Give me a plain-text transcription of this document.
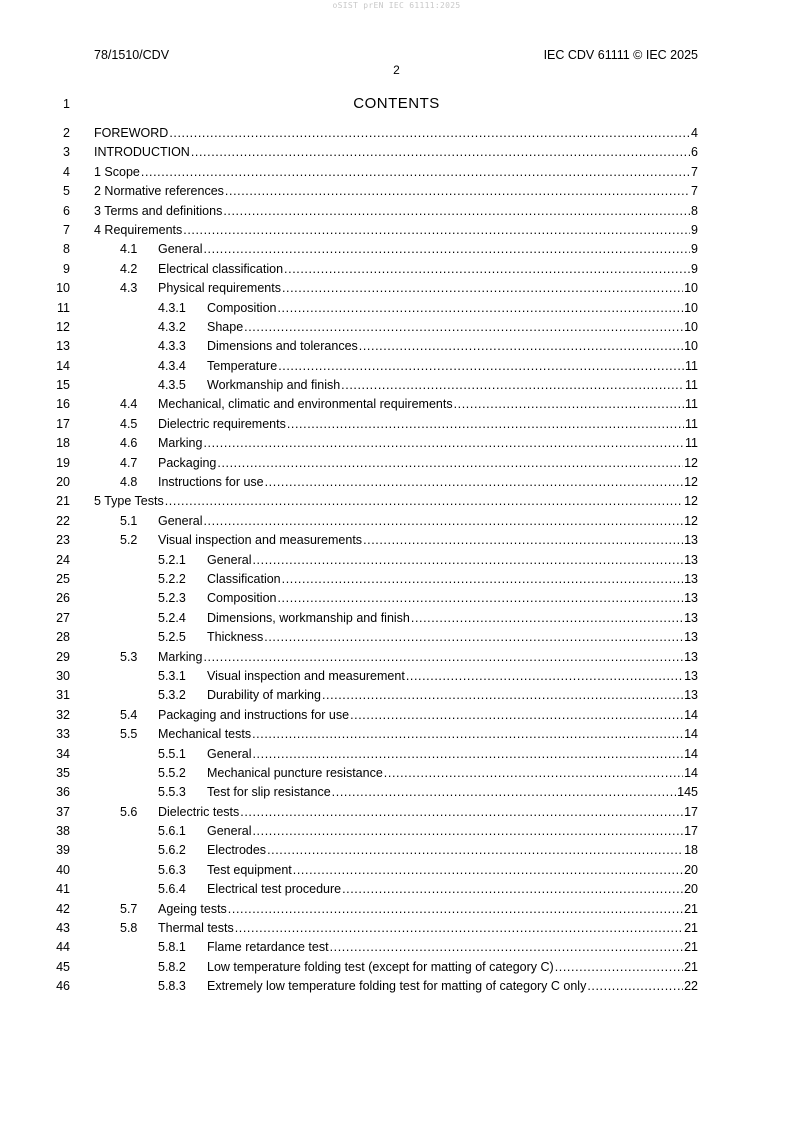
oSIST prEN IEC 61111:2025
78/1510/CDV	IEC CDV 61111 © IEC 2025
2
1	CONTENTS
2 FOREWORD .....	4
3 INTRODUCTION .....	6
4 1 Scope .....	7
5 2 Normative references .....	7
6 3 Terms and definitions .....	8
7 4 Requirements .....	9
8	4.1	General .....	9
9	4.2	Electrical classification .....	9
10	4.3	Physical requirements .....	10
11	4.3.1	Composition .....	10
12	4.3.2	Shape .....	10
13	4.3.3	Dimensions and tolerances .....	10
14	4.3.4	Temperature .....	11
15	4.3.5	Workmanship and finish .....	11
16	4.4	Mechanical, climatic and environmental requirements .....	11
17	4.5	Dielectric requirements .....	11
18	4.6	Marking .....	11
19	4.7	Packaging .....	12
20	4.8	Instructions for use .....	12
21 5 Type Tests .....	12
22	5.1	General .....	12
23	5.2	Visual inspection and measurements .....	13
24	5.2.1	General .....	13
25	5.2.2	Classification .....	13
26	5.2.3	Composition .....	13
27	5.2.4	Dimensions, workmanship and finish .....	13
28	5.2.5	Thickness .....	13
29	5.3	Marking .....	13
30	5.3.1	Visual inspection and measurement .....	13
31	5.3.2	Durability of marking .....	13
32	5.4	Packaging and instructions for use .....	14
33	5.5	Mechanical tests .....	14
34	5.5.1	General .....	14
35	5.5.2	Mechanical puncture resistance .....	14
36	5.5.3	Test for slip resistance .....	145
37	5.6	Dielectric tests .....	17
38	5.6.1	General .....	17
39	5.6.2	Electrodes .....	18
40	5.6.3	Test equipment .....	20
41	5.6.4	Electrical test procedure .....	20
42	5.7	Ageing tests .....	21
43	5.8	Thermal tests .....	21
44	5.8.1	Flame retardance test .....	21
45	5.8.2	Low temperature folding test (except for matting of category C) .....	21
46	5.8.3	Extremely low temperature folding test for matting of category C only .....	22
